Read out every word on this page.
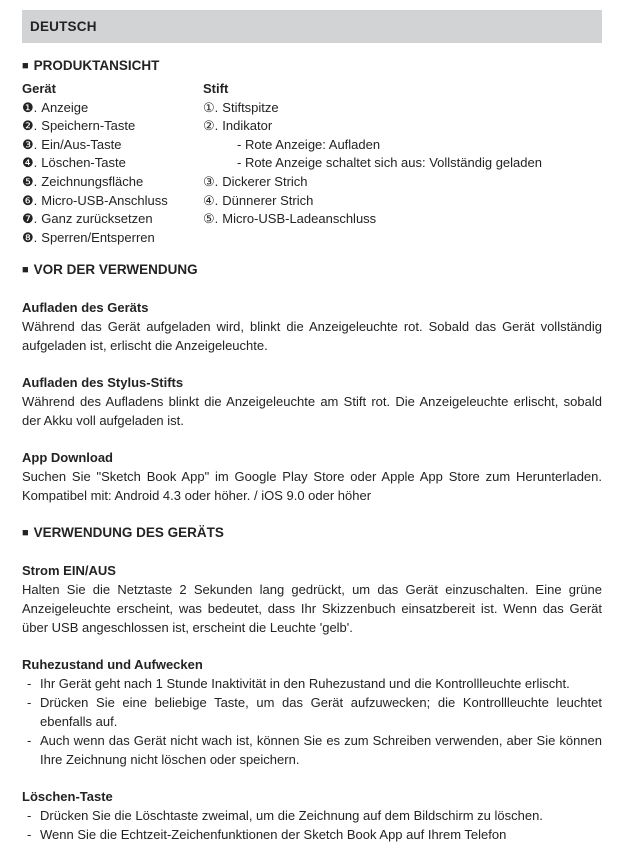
DEUTSCH
■ PRODUKTANSICHT
Gerät
❶. Anzeige
❷. Speichern-Taste
❸. Ein/Aus-Taste
❹. Löschen-Taste
❺. Zeichnungsfläche
❻. Micro-USB-Anschluss
❼. Ganz zurücksetzen
❽. Sperren/Entsperren
Stift
①. Stiftspitze
②. Indikator
- Rote Anzeige: Aufladen
- Rote Anzeige schaltet sich aus: Vollständig geladen
③. Dickerer Strich
④. Dünnerer Strich
⑤. Micro-USB-Ladeanschluss
■ VOR DER VERWENDUNG
Aufladen des Geräts
Während das Gerät aufgeladen wird, blinkt die Anzeigeleuchte rot. Sobald das Gerät vollständig aufgeladen ist, erlischt die Anzeigeleuchte.
Aufladen des Stylus-Stifts
Während des Aufladens blinkt die Anzeigeleuchte am Stift rot. Die Anzeigeleuchte erlischt, sobald der Akku voll aufgeladen ist.
App Download
Suchen Sie "Sketch Book App" im Google Play Store oder Apple App Store zum Herunterladen. Kompatibel mit: Android 4.3 oder höher. / iOS 9.0 oder höher
■ VERWENDUNG DES GERÄTS
Strom EIN/AUS
Halten Sie die Netztaste 2 Sekunden lang gedrückt, um das Gerät einzuschalten. Eine grüne Anzeigeleuchte erscheint, was bedeutet, dass Ihr Skizzenbuch einsatzbereit ist. Wenn das Gerät über USB angeschlossen ist, erscheint die Leuchte 'gelb'.
Ruhezustand und Aufwecken
- Ihr Gerät geht nach 1 Stunde Inaktivität in den Ruhezustand und die Kontrollleuchte erlischt.
- Drücken Sie eine beliebige Taste, um das Gerät aufzuwecken; die Kontrollleuchte leuchtet ebenfalls auf.
- Auch wenn das Gerät nicht wach ist, können Sie es zum Schreiben verwenden, aber Sie können Ihre Zeichnung nicht löschen oder speichern.
Löschen-Taste
- Drücken Sie die Löschtaste zweimal, um die Zeichnung auf dem Bildschirm zu löschen.
- Wenn Sie die Echtzeit-Zeichenfunktionen der Sketch Book App auf Ihrem Telefon
